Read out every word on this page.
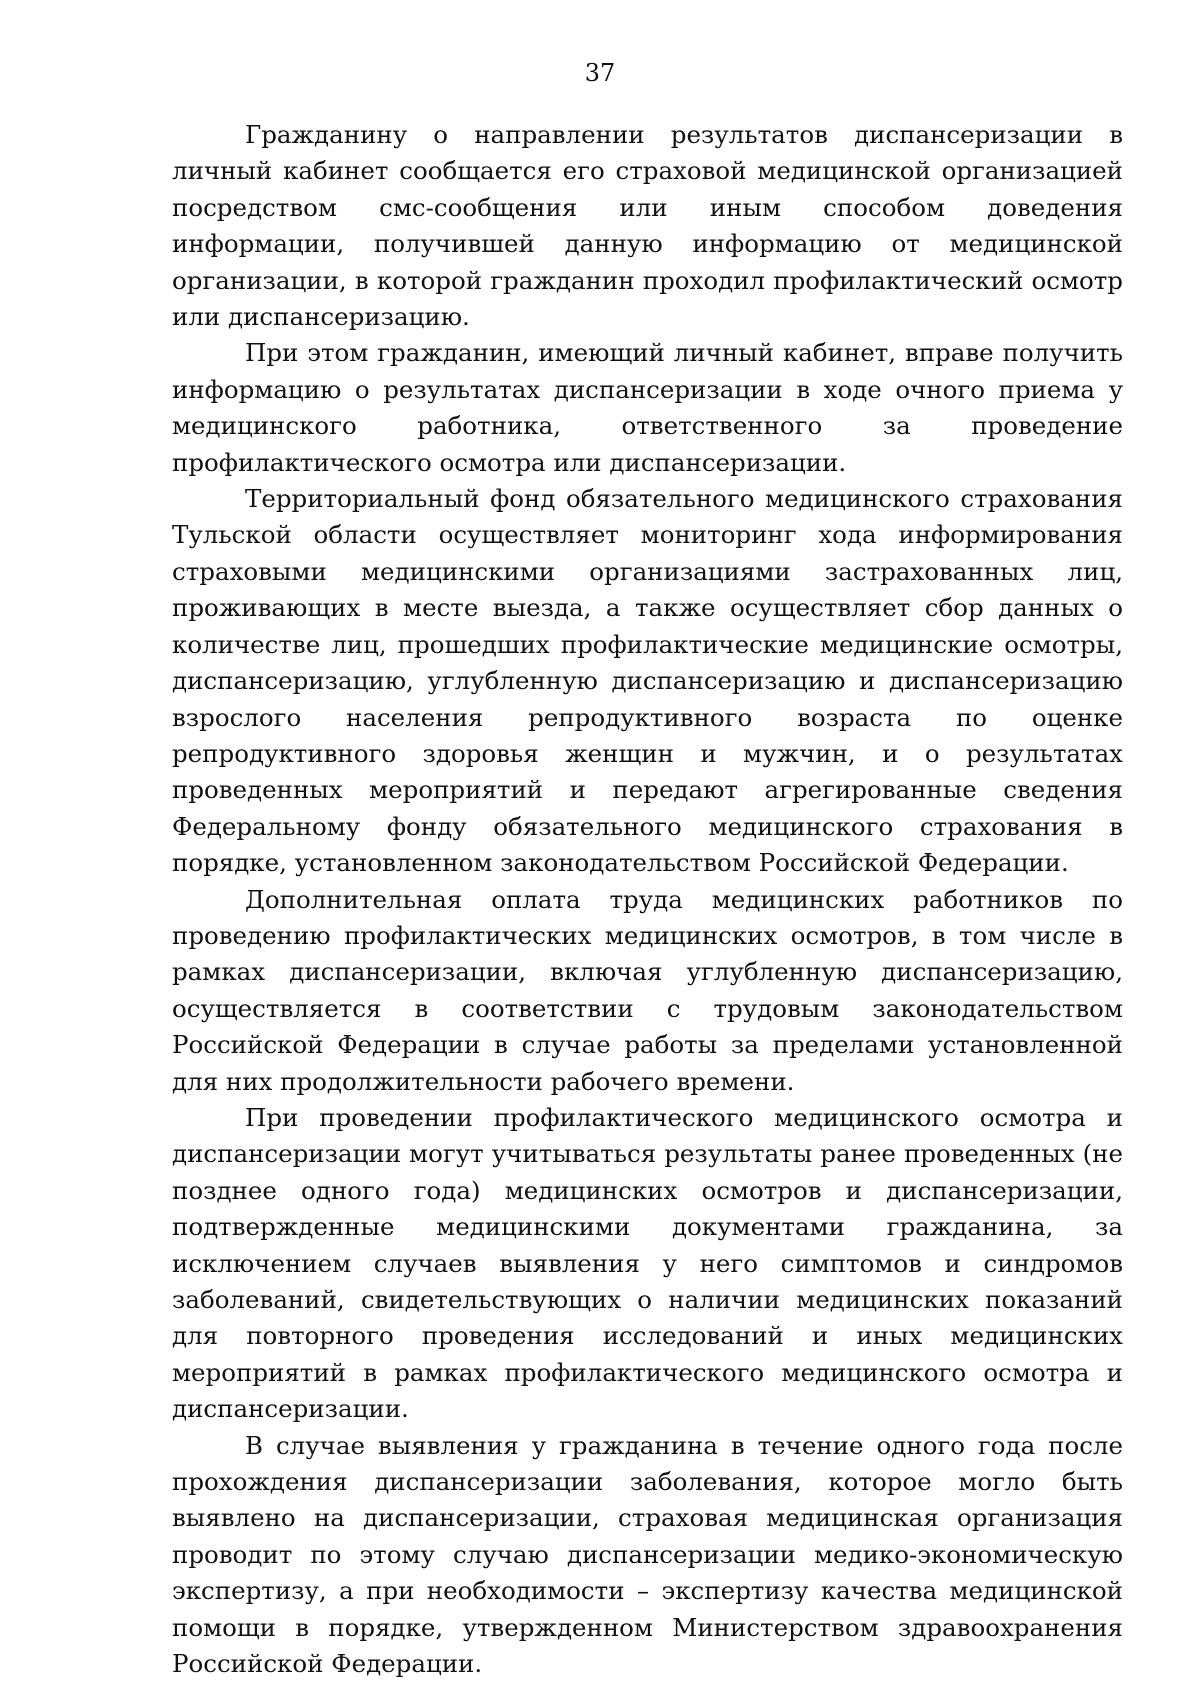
37

Гражданину о направлении результатов диспансеризации в личный кабинет сообщается его страховой медицинской организацией посредством смс-сообщения или иным способом доведения информации, получившей данную информацию от медицинской организации, в которой гражданин проходил профилактический осмотр или диспансеризацию.

При этом гражданин, имеющий личный кабинет, вправе получить информацию о результатах диспансеризации в ходе очного приема у медицинского работника, ответственного за проведение профилактического осмотра или диспансеризации.

Территориальный фонд обязательного медицинского страхования Тульской области осуществляет мониторинг хода информирования страховыми медицинскими организациями застрахованных лиц, проживающих в месте выезда, а также осуществляет сбор данных о количестве лиц, прошедших профилактические медицинские осмотры, диспансеризацию, углубленную диспансеризацию и диспансеризацию взрослого населения репродуктивного возраста по оценке репродуктивного здоровья женщин и мужчин, и о результатах проведенных мероприятий и передают агрегированные сведения Федеральному фонду обязательного медицинского страхования в порядке, установленном законодательством Российской Федерации.

Дополнительная оплата труда медицинских работников по проведению профилактических медицинских осмотров, в том числе в рамках диспансеризации, включая углубленную диспансеризацию, осуществляется в соответствии с трудовым законодательством Российской Федерации в случае работы за пределами установленной для них продолжительности рабочего времени.

При проведении профилактического медицинского осмотра и диспансеризации могут учитываться результаты ранее проведенных (не позднее одного года) медицинских осмотров и диспансеризации, подтвержденные медицинскими документами гражданина, за исключением случаев выявления у него симптомов и синдромов заболеваний, свидетельствующих о наличии медицинских показаний для повторного проведения исследований и иных медицинских мероприятий в рамках профилактического медицинского осмотра и диспансеризации.

В случае выявления у гражданина в течение одного года после прохождения диспансеризации заболевания, которое могло быть выявлено на диспансеризации, страховая медицинская организация проводит по этому случаю диспансеризации медико-экономическую экспертизу, а при необходимости – экспертизу качества медицинской помощи в порядке, утвержденном Министерством здравоохранения Российской Федерации.
